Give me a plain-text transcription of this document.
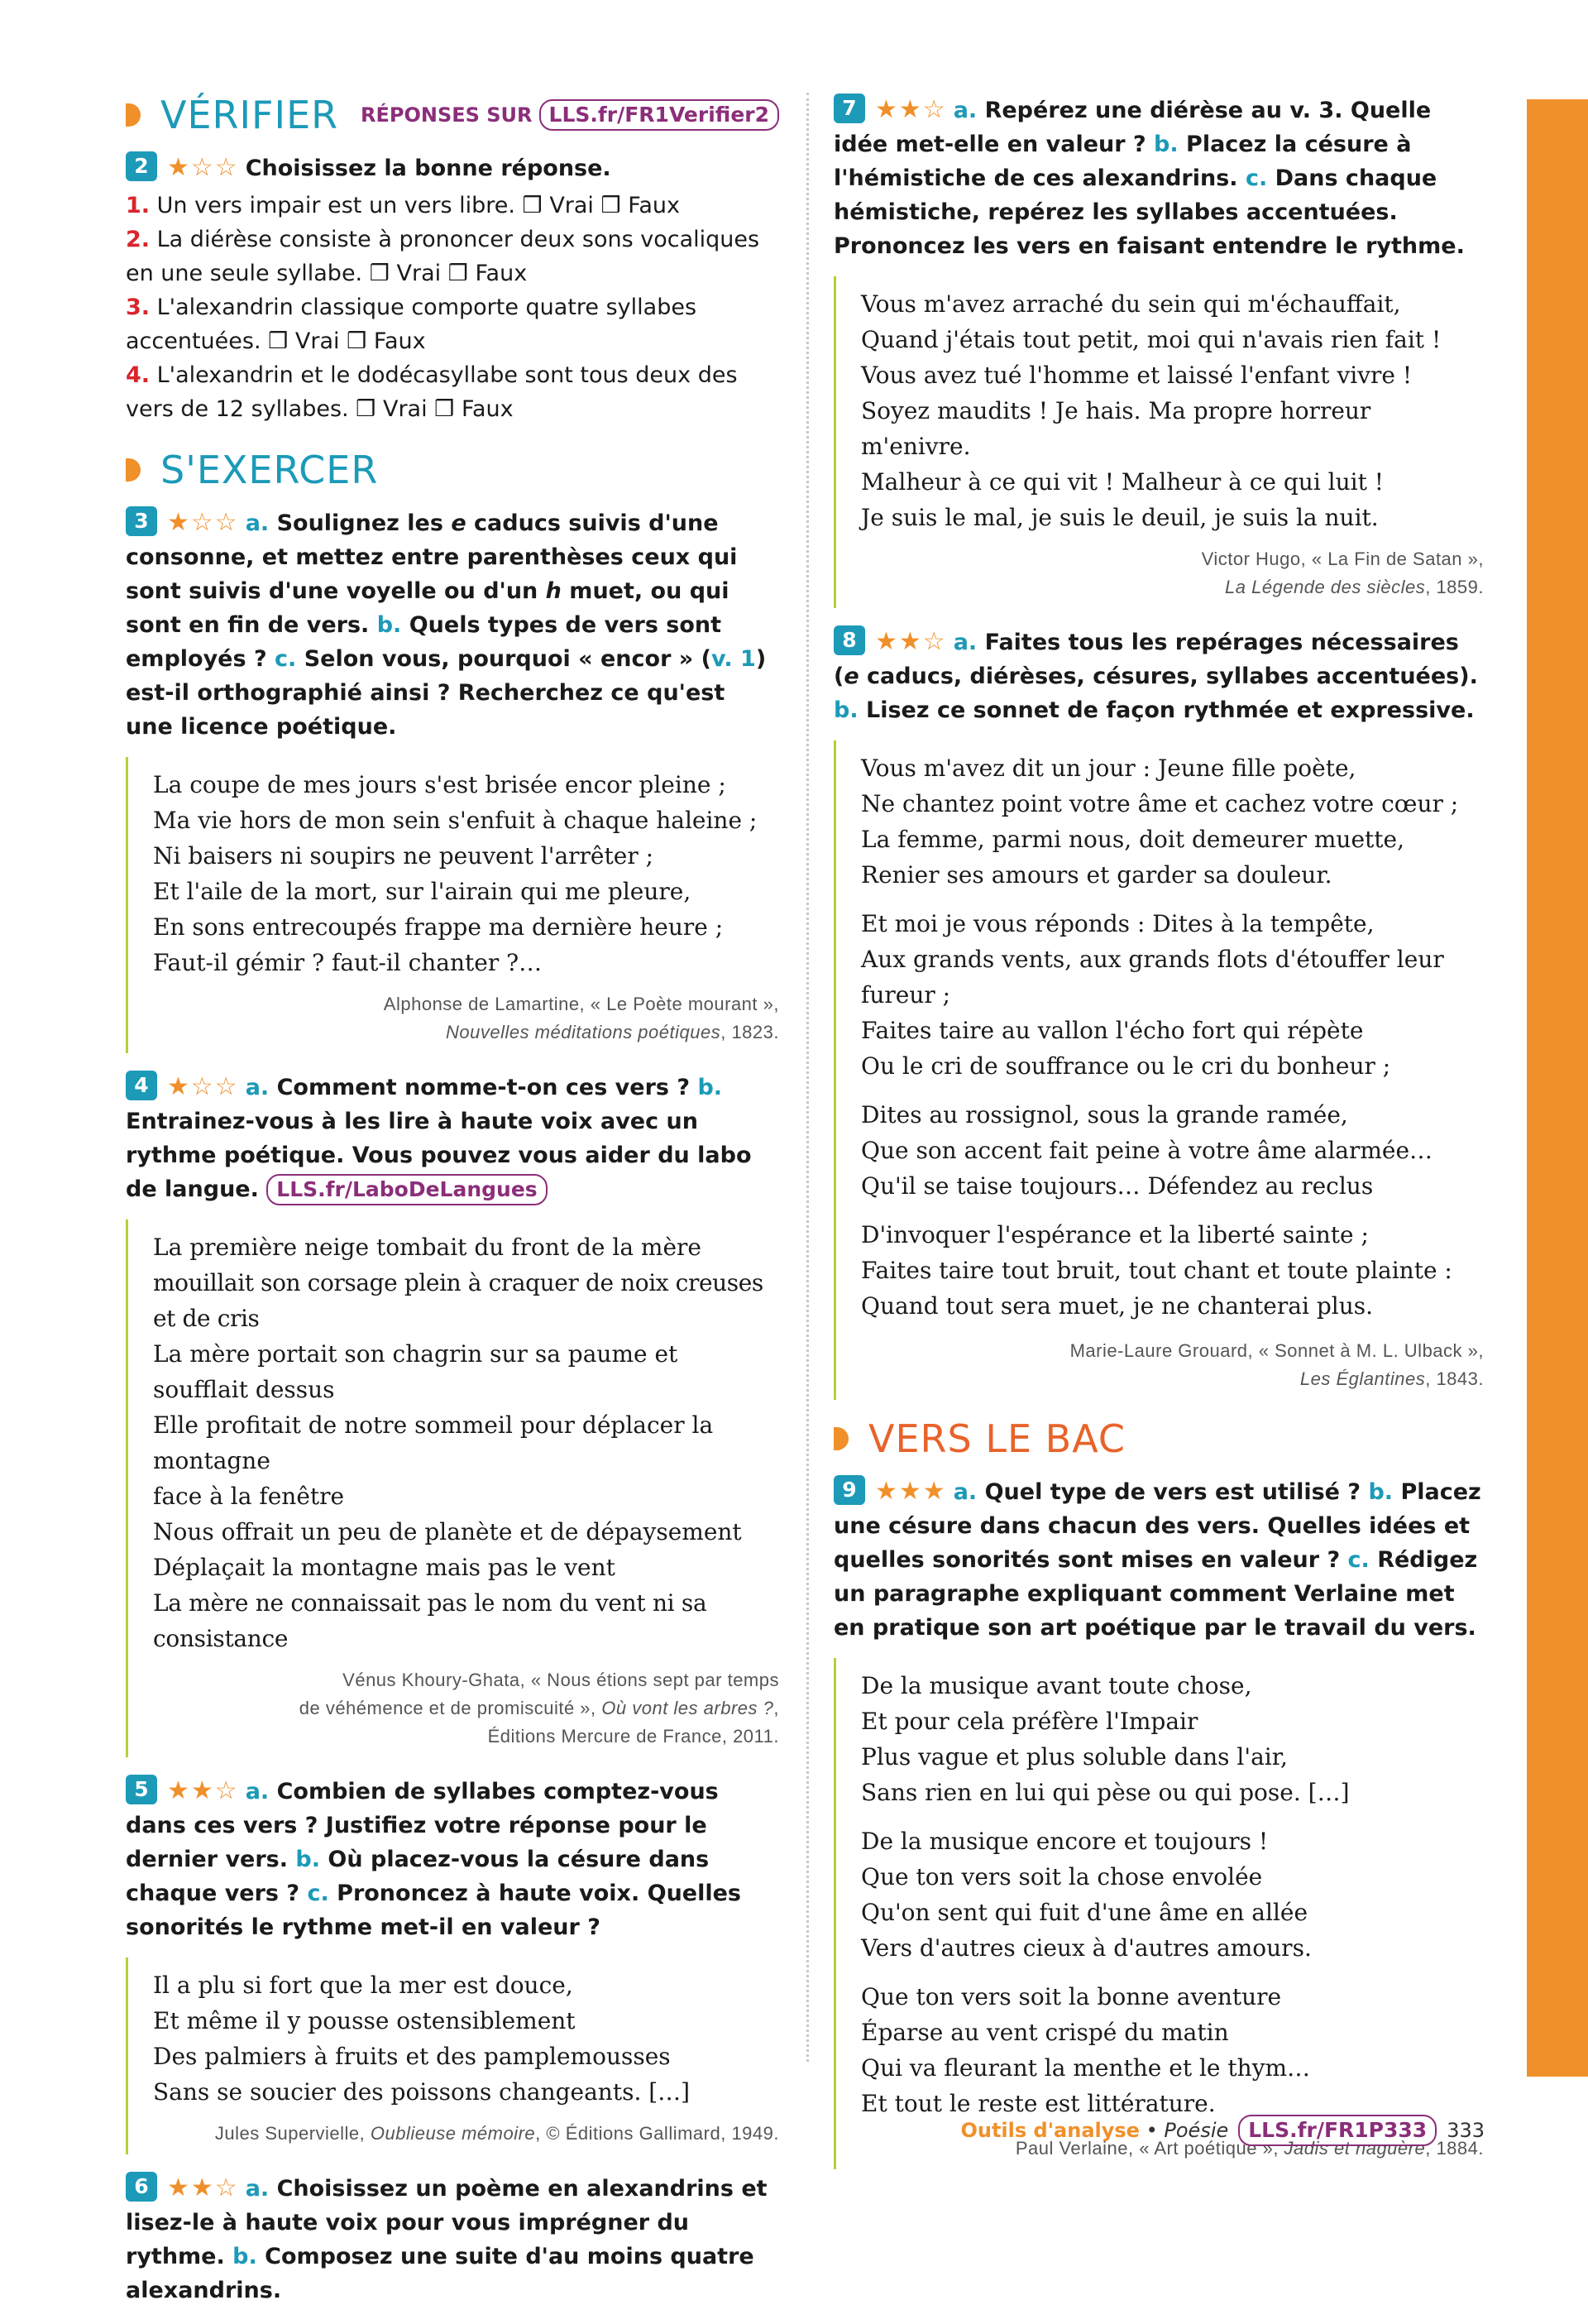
VÉRIFIER RÉPONSES SUR LLS.fr/FR1Verifier2
2 ★☆☆ Choisissez la bonne réponse.
1. Un vers impair est un vers libre. ❒ Vrai ❒ Faux
2. La diérèse consiste à prononcer deux sons vocaliques en une seule syllabe. ❒ Vrai ❒ Faux
3. L'alexandrin classique comporte quatre syllabes accentuées. ❒ Vrai ❒ Faux
4. L'alexandrin et le dodécasyllabe sont tous deux des vers de 12 syllabes. ❒ Vrai ❒ Faux
S'EXERCER
3 ★☆☆ a. Soulignez les e caducs suivis d'une consonne, et mettez entre parenthèses ceux qui sont suivis d'une voyelle ou d'un h muet, ou qui sont en fin de vers. b. Quels types de vers sont employés ? c. Selon vous, pourquoi « encor » (v. 1) est-il orthographié ainsi ? Recherchez ce qu'est une licence poétique.
La coupe de mes jours s'est brisée encor pleine ;
Ma vie hors de mon sein s'enfuit à chaque haleine ;
Ni baisers ni soupirs ne peuvent l'arrêter ;
Et l'aile de la mort, sur l'airain qui me pleure,
En sons entrecoupés frappe ma dernière heure ;
Faut-il gémir ? faut-il chanter ?…
Alphonse de Lamartine, « Le Poète mourant »,
Nouvelles méditations poétiques, 1823.
4 ★☆☆ a. Comment nomme-t-on ces vers ? b. Entrainez-vous à les lire à haute voix avec un rythme poétique. Vous pouvez vous aider du labo de langue. LLS.fr/LaboDeLangues
La première neige tombait du front de la mère
mouillait son corsage plein à craquer de noix creuses et de cris
La mère portait son chagrin sur sa paume et soufflait dessus
Elle profitait de notre sommeil pour déplacer la montagne
face à la fenêtre
Nous offrait un peu de planète et de dépaysement
Déplaçait la montagne mais pas le vent
La mère ne connaissait pas le nom du vent ni sa consistance
Vénus Khoury-Ghata, « Nous étions sept par temps
de véhémence et de promiscuité », Où vont les arbres ?,
Éditions Mercure de France, 2011.
5 ★★☆ a. Combien de syllabes comptez-vous dans ces vers ? Justifiez votre réponse pour le dernier vers. b. Où placez-vous la césure dans chaque vers ? c. Prononcez à haute voix. Quelles sonorités le rythme met-il en valeur ?
Il a plu si fort que la mer est douce,
Et même il y pousse ostensiblement
Des palmiers à fruits et des pamplemousses
Sans se soucier des poissons changeants. […]
Jules Supervielle, Oublieuse mémoire, © Éditions Gallimard, 1949.
6 ★★☆ a. Choisissez un poème en alexandrins et lisez-le à haute voix pour vous imprégner du rythme. b. Composez une suite d'au moins quatre alexandrins.
7 ★★☆ a. Repérez une diérèse au v. 3. Quelle idée met-elle en valeur ? b. Placez la césure à l'hémistiche de ces alexandrins. c. Dans chaque hémistiche, repérez les syllabes accentuées. Prononcez les vers en faisant entendre le rythme.
Vous m'avez arraché du sein qui m'échauffait,
Quand j'étais tout petit, moi qui n'avais rien fait !
Vous avez tué l'homme et laissé l'enfant vivre !
Soyez maudits ! Je hais. Ma propre horreur m'enivre.
Malheur à ce qui vit ! Malheur à ce qui luit !
Je suis le mal, je suis le deuil, je suis la nuit.
Victor Hugo, « La Fin de Satan »,
La Légende des siècles, 1859.
8 ★★☆ a. Faites tous les repérages nécessaires (e caducs, diérèses, césures, syllabes accentuées). b. Lisez ce sonnet de façon rythmée et expressive.
Vous m'avez dit un jour : Jeune fille poète,
Ne chantez point votre âme et cachez votre cœur ;
La femme, parmi nous, doit demeurer muette,
Renier ses amours et garder sa douleur.
Et moi je vous réponds : Dites à la tempête,
Aux grands vents, aux grands flots d'étouffer leur fureur ;
Faites taire au vallon l'écho fort qui répète
Ou le cri de souffrance ou le cri du bonheur ;
Dites au rossignol, sous la grande ramée,
Que son accent fait peine à votre âme alarmée…
Qu'il se taise toujours… Défendez au reclus
D'invoquer l'espérance et la liberté sainte ;
Faites taire tout bruit, tout chant et toute plainte :
Quand tout sera muet, je ne chanterai plus.
Marie-Laure Grouard, « Sonnet à M. L. Ulback »,
Les Églantines, 1843.
VERS LE BAC
9 ★★★ a. Quel type de vers est utilisé ? b. Placez une césure dans chacun des vers. Quelles idées et quelles sonorités sont mises en valeur ? c. Rédigez un paragraphe expliquant comment Verlaine met en pratique son art poétique par le travail du vers.
De la musique avant toute chose,
Et pour cela préfère l'Impair
Plus vague et plus soluble dans l'air,
Sans rien en lui qui pèse ou qui pose. […]
De la musique encore et toujours !
Que ton vers soit la chose envolée
Qu'on sent qui fuit d'une âme en allée
Vers d'autres cieux à d'autres amours.
Que ton vers soit la bonne aventure
Éparse au vent crispé du matin
Qui va fleurant la menthe et le thym…
Et tout le reste est littérature.
Paul Verlaine, « Art poétique », Jadis et naguère, 1884.
Outils d'analyse • Poésie LLS.fr/FR1P333	333
